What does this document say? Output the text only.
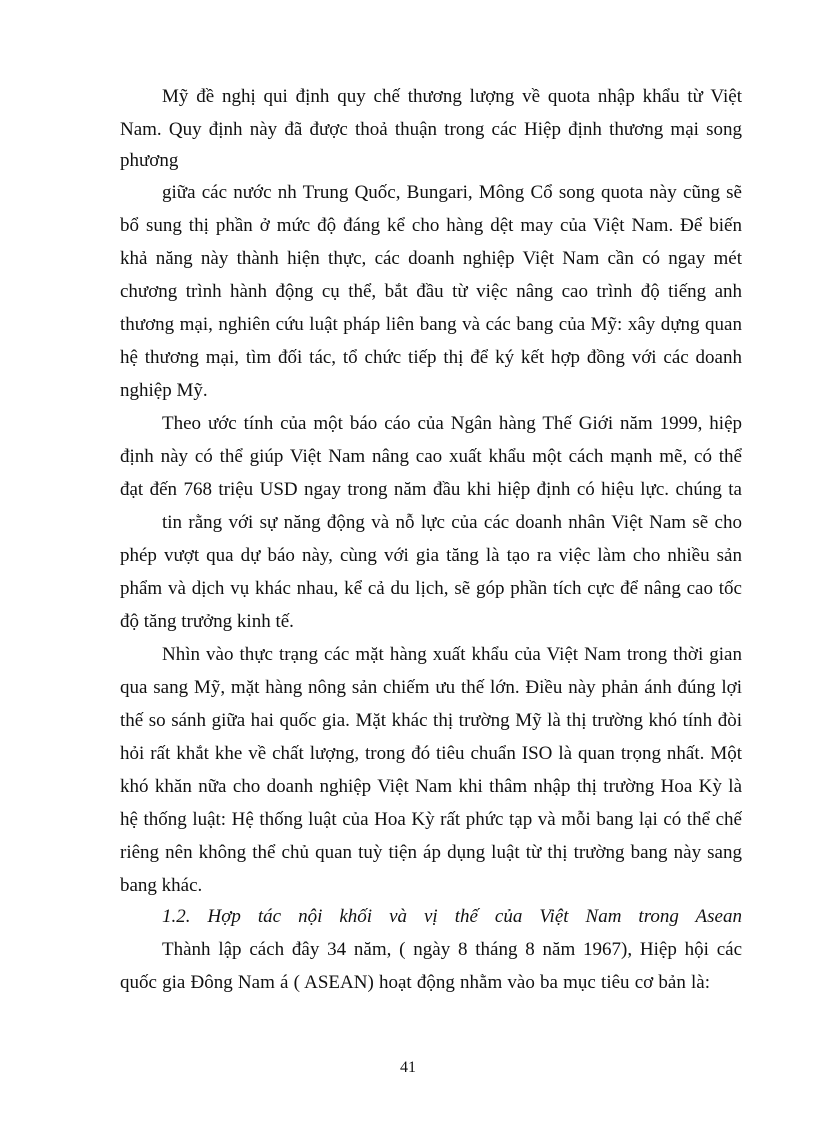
Mỹ đề nghị qui định quy chế thương lượng về quota nhập khẩu từ Việt
Nam. Quy định này đã được thoả thuận trong các Hiệp định thương mại song
phương
giữa các nước nh Trung Quốc, Bungari, Mông Cổ song quota này cũng sẽ
bổ sung thị phần ở mức độ đáng kể cho hàng dệt may của Việt Nam. Để biến
khả năng này thành hiện thực, các doanh nghiệp Việt Nam cần có ngay mét
chương trình hành động cụ thể, bắt đầu từ việc nâng cao trình độ tiếng anh
thương mại, nghiên cứu luật pháp liên bang và các bang của Mỹ: xây dựng quan
hệ thương mại, tìm đối tác, tổ chức tiếp thị để ký kết hợp đồng với các doanh
nghiệp Mỹ.
Theo ước tính của một báo cáo của Ngân hàng Thế Giới năm 1999, hiệp
định này có thể giúp Việt Nam nâng cao xuất khẩu một cách mạnh mẽ, có thể
đạt đến 768 triệu USD ngay trong năm đầu khi hiệp định có hiệu lực. chúng ta
tin rằng với sự năng động và nỗ lực của các doanh nhân Việt Nam sẽ cho
phép vượt qua dự báo này, cùng với gia tăng là tạo ra việc làm cho nhiều sản
phẩm và dịch vụ khác nhau, kể cả du lịch, sẽ góp phần tích cực để nâng cao tốc
độ tăng trưởng kinh tế.
Nhìn vào thực trạng các mặt hàng xuất khẩu của Việt Nam trong thời gian
qua sang Mỹ, mặt hàng nông sản chiếm ưu thế lớn. Điều này phản ánh đúng lợi
thế so sánh giữa hai quốc gia. Mặt khác thị trường Mỹ là thị trường khó tính đòi
hỏi rất khắt khe về chất lượng, trong đó tiêu chuẩn ISO là quan trọng nhất. Một
khó khăn nữa cho doanh nghiệp Việt Nam khi thâm nhập thị trường Hoa Kỳ là
hệ thống luật: Hệ thống luật của Hoa Kỳ rất phức tạp và mỗi bang lại có thể chế
riêng nên không thể chủ quan tuỳ tiện áp dụng luật từ thị trường bang này sang
bang khác.
1.2. Hợp tác nội khối và vị thế của Việt Nam trong Asean
Thành lập cách đây 34 năm, ( ngày 8 tháng 8 năm 1967), Hiệp hội các
quốc gia Đông Nam á ( ASEAN) hoạt động nhằm vào ba mục tiêu cơ bản là:
41
